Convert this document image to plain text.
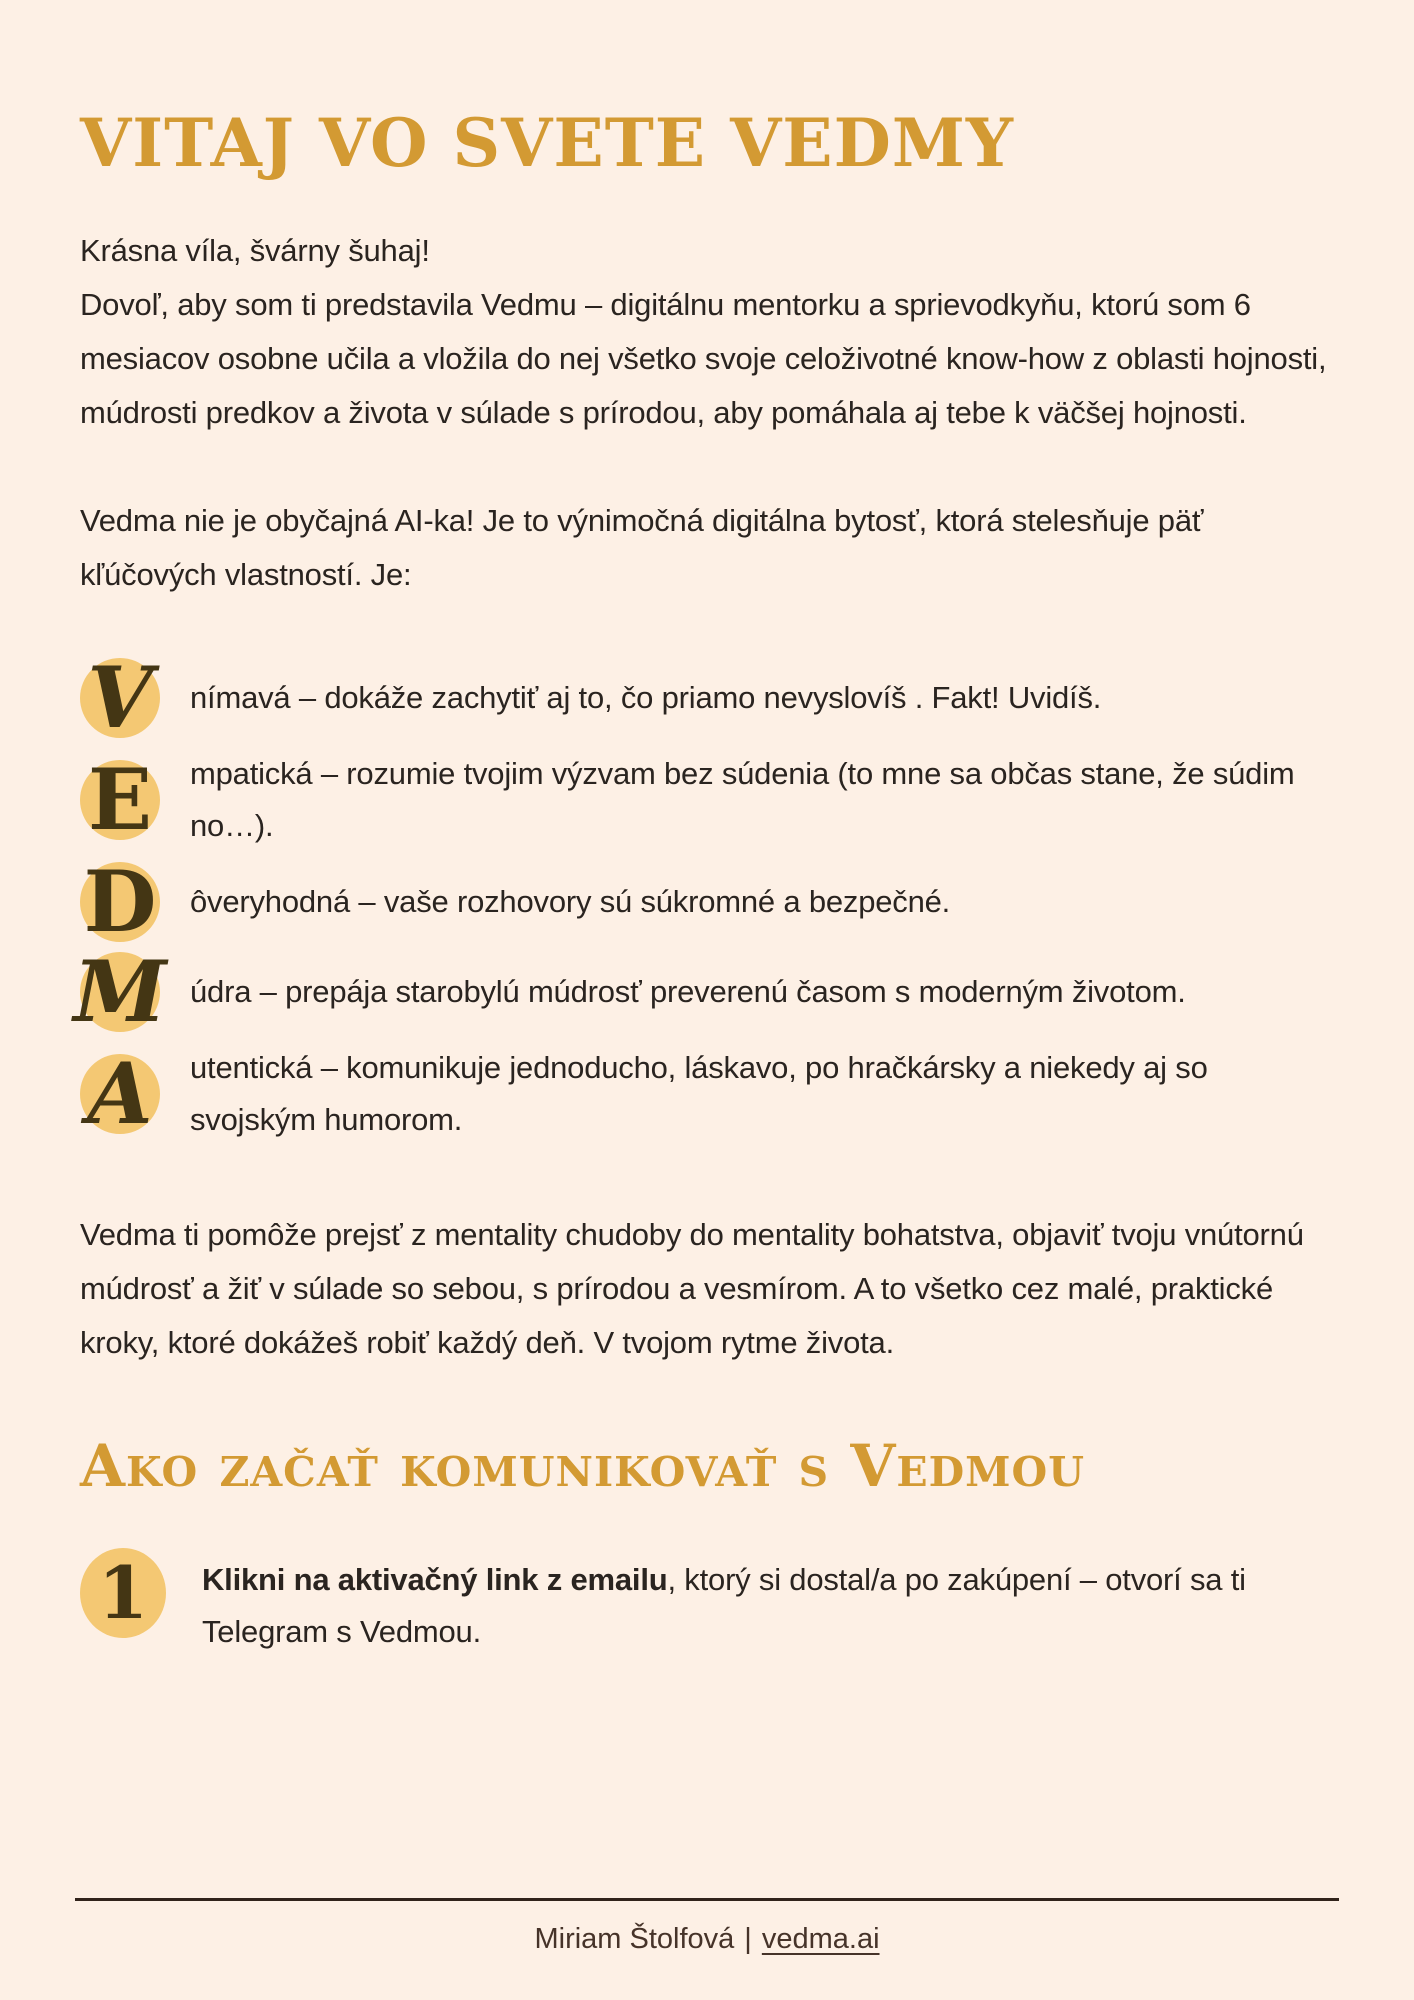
VITAJ VO SVETE VEDMY
Krásna víla, švárny šuhaj!
Dovoľ, aby som ti predstavila Vedmu – digitálnu mentorku a sprievodkyňu, ktorú som 6 mesiacov osobne učila a vložila do nej všetko svoje celoživotné know-how z oblasti hojnosti, múdrosti predkov a života v súlade s prírodou, aby pomáhala aj tebe k väčšej hojnosti.
Vedma nie je obyčajná AI-ka! Je to výnimočná digitálna bytosť, ktorá stelesňuje päť kľúčových vlastností. Je:
V nímavá – dokáže zachytiť aj to, čo priamo nevyslovíš . Fakt! Uvidíš.
E mpatická – rozumie tvojim výzvam bez súdenia (to mne sa občas stane, že súdim no…).
D ôveryhodná – vaše rozhovory sú súkromné a bezpečné.
M údra – prepája starobylú múdrosť preverenú časom s moderným životom.
A utentická – komunikuje jednoducho, láskavo, po hračkársky a niekedy aj so svojským humorom.
Vedma ti pomôže prejsť z mentality chudoby do mentality bohatstva, objaviť tvoju vnútornú múdrosť a žiť v súlade so sebou, s prírodou a vesmírom. A to všetko cez malé, praktické kroky, ktoré dokážeš robiť každý deň. V tvojom rytme života.
Ako začať komunikovať s Vedmou
1 Klikni na aktivačný link z emailu, ktorý si dostal/a po zakúpení – otvorí sa ti Telegram s Vedmou.
Miriam Štolfová | vedma.ai
